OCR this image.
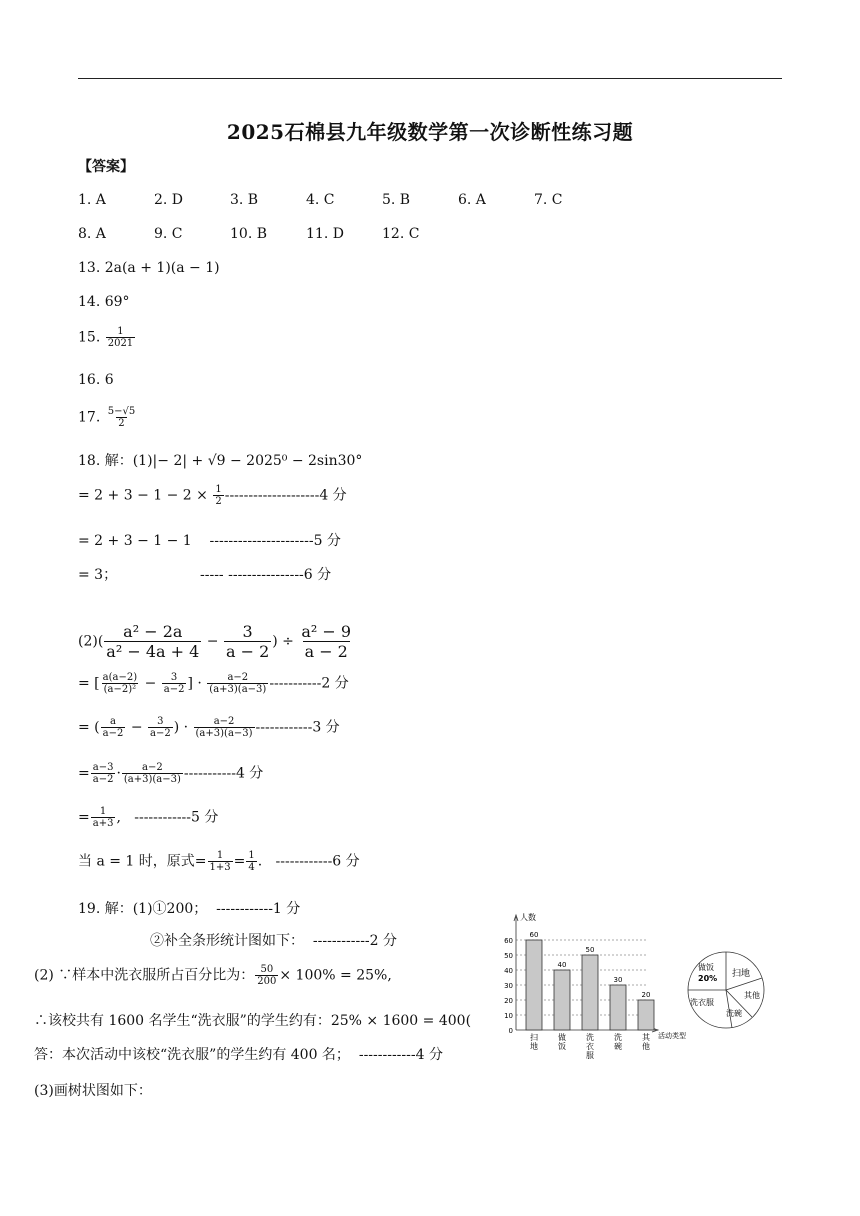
2025石棉县九年级数学第一次诊断性练习题
【答案】
1. A	2. D	3. B	4. C	5. B	6. A	7. C
8. A	9. C	10. B	11. D	12. C
13. 2a(a + 1)(a − 1)
14. 69°
15. $\frac{1}{2021}$
16. 6
17. $\frac{5-√5}{2}$
18. 解：(1)|− 2| + √9 − 2025⁰ − 2sin30°
= $2 + 3 - 1 - 2 \times \frac{1}{2} --------------------4$ 分
= 2 + 3 − 1 − 1    ----------------------5 分
= 3；	----- ----------------6 分
$(2)( \frac{\text{a² − 2a}}{\text{a² − 4a + 4}} - \frac{3}{a - 2}$ ) ÷ $\frac{\text{a² − 9}}{a - 2}$
= [ $\frac{a(a-2)}{\text{(a−2)²}} - \frac{3}{a-2}$ ] · $\frac{a-2}{(a+3)(a-3)} -----------2$ 分
= ( $\frac{a}{a-2} - \frac{3}{a-2}$ ) · $\frac{a-2}{(a+3)(a-3)} ------------3$ 分
= $\frac{a-3}{a-2} \cdot \frac{a-2}{(a+3)(a-3)} -----------4$ 分
= $\frac{1}{a+3}$ ,   ------------5 分
当 a = 1 时，原式= $\frac{1}{1+3} = \frac{1}{4}$ .   ------------6 分
19. 解：(1)①200；  ------------1 分
②补全条形统计图如下：  ------------2 分
(2) ∵样本中洗衣服所占百分比为： $\frac{50}{200} \times 100\% = 25\%$,
∴该校共有 1600 名学生“洗衣服”的学生约有：25% × 1600 = 400(
答：本次活动中该校“洗衣服”的学生约有 400 名；  ------------4 分
(3)画树状图如下：
人数
活动类型
0
10
20
30
40
50
60
60
扫地
40
做饭
50
洗衣服
30
洗碗
20
其他
扫地
其他
洗碗
洗衣服
做饭
20%
